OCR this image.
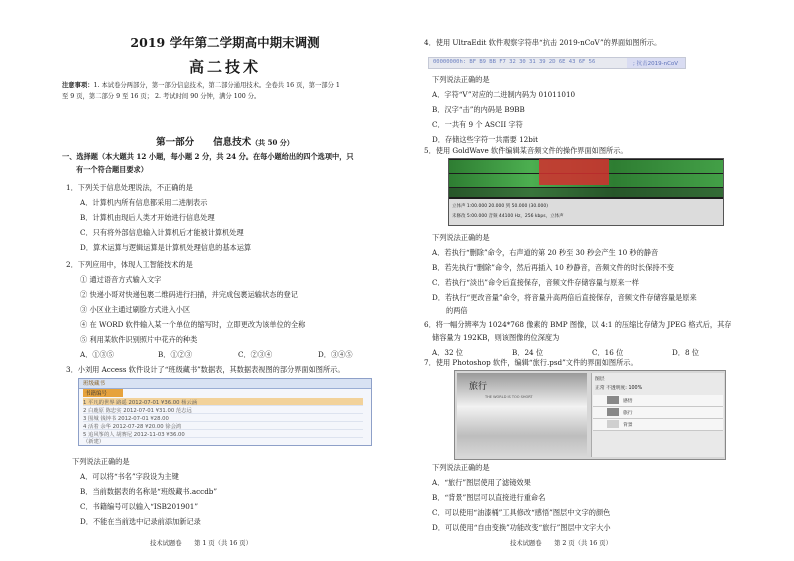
2019 学年第二学期高中期末调测
高二技术
注意事项：1. 本试卷分两部分，第一部分信息技术，第二部分通用技术。全卷共 16 页，第一部分 1
至 9 页，第二部分 9 至 16 页； 2. 考试时间 90 分钟，满分 100 分。
第一部分　　信息技术（共 50 分）
一、选择题（本大题共 12 小题，每小题 2 分，共 24 分。在每小题给出的四个选项中，只
有一个符合题目要求）
1．下列关于信息处理说法，不正确的是
A．计算机内所有信息都采用二进制表示
B．计算机由现后人类才开始进行信息处理
C．只有将外部信息输入计算机后才能被计算机处理
D．算术运算与逻辑运算是计算机处理信息的基本运算
2．下列应用中，体现人工智能技术的是
① 通过语音方式输入文字
② 快递小哥对快递包裹二维码进行扫描，并完成包裹运输状态的登记
③ 小区业主通过刷脸方式进入小区
④ 在 WORD 软件输入某一个单位的缩写时，立即更改为该单位的全称
⑤ 利用某软件识别照片中花卉的种类
A．①③⑤	B．①②③	C．②③④	D．③④⑤
3．小刘用 Access 软件设计了“班级藏书”数据表，其数据表视图的部分界面如图所示。
班级藏书
书籍编号
1 平凡的世界 路遥 2012-07-01 ¥36.00 杨云涵
2 白鹿原 陈忠实 2012-07-01 ¥31.00 范志远
3 围城 钱钟书 2012-07-01 ¥28.00
4 活着 余华 2012-07-28 ¥20.00 徐会鸿
5 追风筝的人 胡赛尼 2012-11-03 ¥36.00
（新建）
下列说法正确的是
A．可以将“书名”字段设为主键
B．当前数据表的名称是“班级藏书.accdb”
C．书籍编号可以输入“ISB201901”
D．不能在当前选中记录前添加新记录
技术试题卷　　第 1 页（共 16 页）
4．使用 UltraEdit 软件观察字符串“抗击 2019-nCoV”的界面如图所示。
00000000h: BF B9 BB F7 32 30 31 39 2D 6E 43 6F 56	; 抗击2019-nCoV
下列说法正确的是
A．字符“V”对应的二进制内码为 01011010
B．汉字“击”的内码是 B9BB
C．一共有 9 个 ASCII 字符
D．存储这些字符一共需要 12bit
5．使用 GoldWave 软件编辑某音频文件的操作界面如图所示。
立体声 1:00.000 20.000 到 50.000 (30.000)
未修改 5:00.000 音频 44100 Hz，256 kbps，立体声
下列说法正确的是
A．若执行“删除”命令，右声道的第 20 秒至 30 秒会产生 10 秒的静音
B．若先执行“删除”命令，然后再插入 10 秒静音，音频文件的时长保持不变
C．若执行“淡出”命令后直接保存，音频文件存储容量与原来一样
D．若执行“更改音量”命令，将音量升高两倍后直接保存，音频文件存储容量是原来
的两倍
6．将一幅分辨率为 1024*768 像素的 BMP 图像，以 4:1 的压缩比存储为 JPEG 格式后，其存
储容量为 192KB，则该图像的位深度为
A．32 位	B．24 位	C．16 位	D．8 位
7．使用 Photoshop 软件，编辑“旅行.psd”文件的界面如图所示。
旅行
THE WORLD IS TOO SHORT
图层
正常 不透明度: 100%
感悟
旅行
背景
下列说法正确的是
A．“旅行”图层使用了滤镜效果
B．“背景”图层可以直接进行重命名
C．可以使用“油漆桶”工具修改“感悟”图层中文字的颜色
D．可以使用“自由变换”功能改变“旅行”图层中文字大小
技术试题卷　　第 2 页（共 16 页）
